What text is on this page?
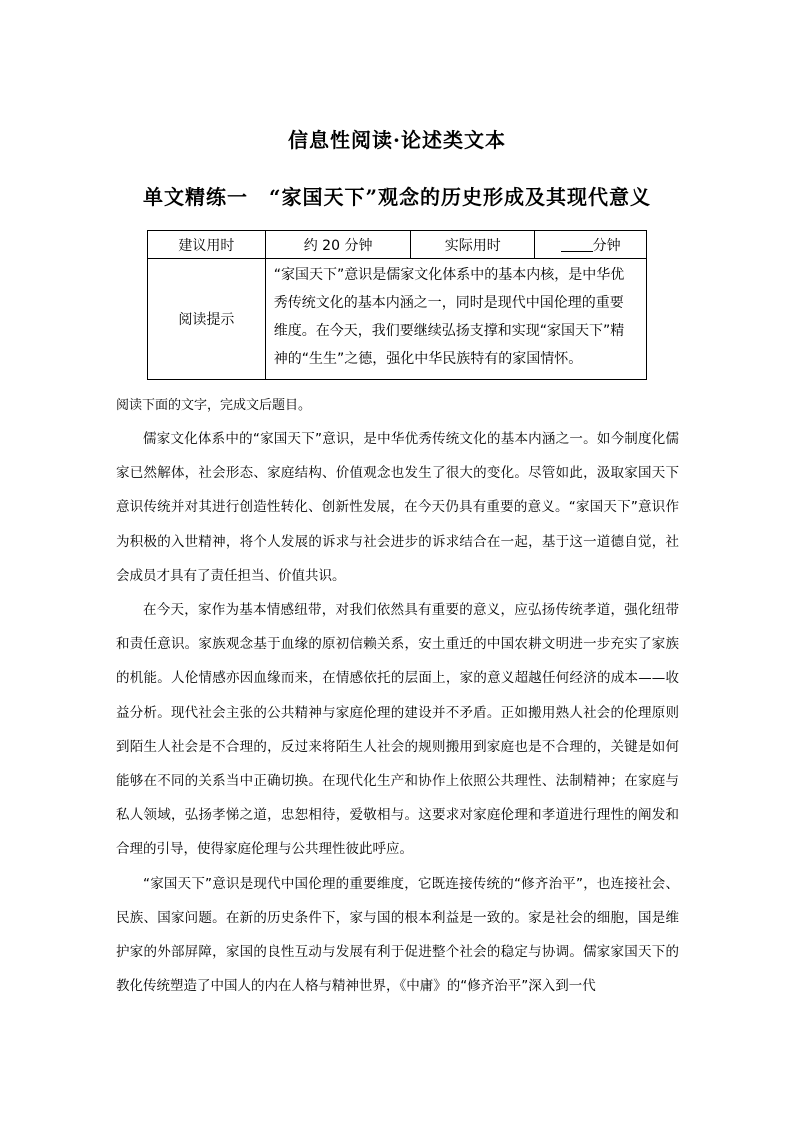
信息性阅读·论述类文本
单文精练一　“家国天下”观念的历史形成及其现代意义
建议用时	约 20 分钟	实际用时	分钟
阅读提示	“家国天下”意识是儒家文化体系中的基本内核，是中华优秀传统文化的基本内涵之一，同时是现代中国伦理的重要维度。在今天，我们要继续弘扬支撑和实现“家国天下”精神的“生生”之德，强化中华民族特有的家国情怀。		

阅读下面的文字，完成文后题目。

儒家文化体系中的“家国天下”意识，是中华优秀传统文化的基本内涵之一。如今制度化儒家已然解体，社会形态、家庭结构、价值观念也发生了很大的变化。尽管如此，汲取家国天下意识传统并对其进行创造性转化、创新性发展，在今天仍具有重要的意义。“家国天下”意识作为积极的入世精神，将个人发展的诉求与社会进步的诉求结合在一起，基于这一道德自觉，社会成员才具有了责任担当、价值共识。

在今天，家作为基本情感纽带，对我们依然具有重要的意义，应弘扬传统孝道，强化纽带和责任意识。家族观念基于血缘的原初信赖关系，安土重迁的中国农耕文明进一步充实了家族的机能。人伦情感亦因血缘而来，在情感依托的层面上，家的意义超越任何经济的成本——收益分析。现代社会主张的公共精神与家庭伦理的建设并不矛盾。正如搬用熟人社会的伦理原则到陌生人社会是不合理的，反过来将陌生人社会的规则搬用到家庭也是不合理的，关键是如何能够在不同的关系当中正确切换。在现代化生产和协作上依照公共理性、法制精神；在家庭与私人领域，弘扬孝悌之道，忠恕相待，爱敬相与。这要求对家庭伦理和孝道进行理性的阐发和合理的引导，使得家庭伦理与公共理性彼此呼应。

“家国天下”意识是现代中国伦理的重要维度，它既连接传统的“修齐治平”，也连接社会、民族、国家问题。在新的历史条件下，家与国的根本利益是一致的。家是社会的细胞，国是维护家的外部屏障，家国的良性互动与发展有利于促进整个社会的稳定与协调。儒家家国天下的教化传统塑造了中国人的内在人格与精神世界，《中庸》的“修齐治平”深入到一代
